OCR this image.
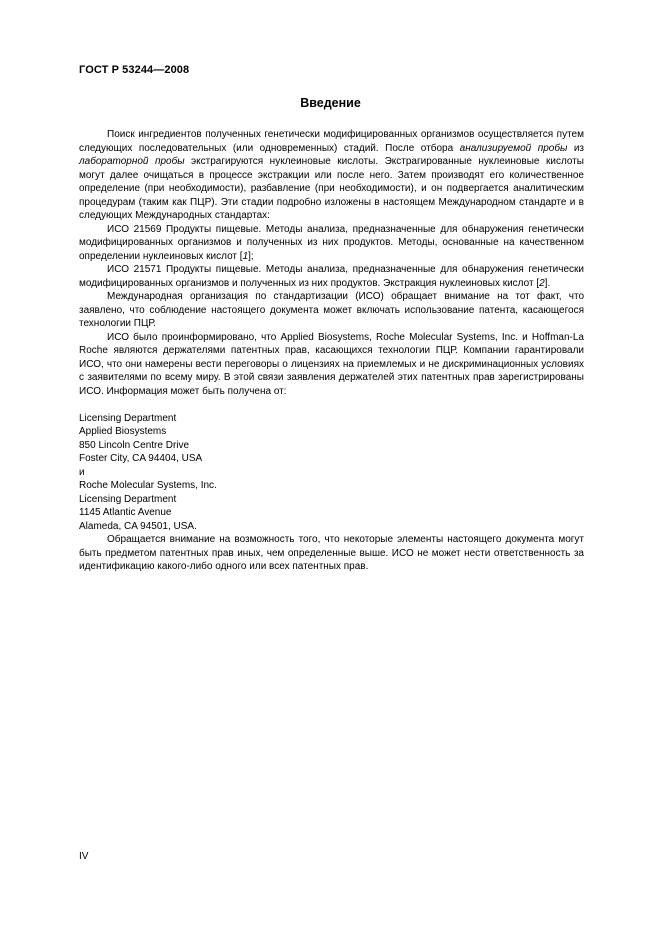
ГОСТ Р 53244—2008
Введение

Поиск ингредиентов полученных генетически модифицированных организмов осуществляется путем следующих последовательных (или одновременных) стадий. После отбора анализируемой пробы из лабораторной пробы экстрагируются нуклеиновые кислоты. Экстрагированные нуклеиновые кислоты могут далее очищаться в процессе экстракции или после него. Затем производят его количественное определение (при необходимости), разбавление (при необходимости), и он подвергается аналитическим процедурам (таким как ПЦР). Эти стадии подробно изложены в настоящем Международном стандарте и в следующих Международных стандартах:

ИСО 21569 Продукты пищевые. Методы анализа, предназначенные для обнаружения генетически модифицированных организмов и полученных из них продуктов. Методы, основанные на качественном определении нуклеиновых кислот [1];

ИСО 21571 Продукты пищевые. Методы анализа, предназначенные для обнаружения генетически модифицированных организмов и полученных из них продуктов. Экстракция нуклеиновых кислот [2].

Международная организация по стандартизации (ИСО) обращает внимание на тот факт, что заявлено, что соблюдение настоящего документа может включать использование патента, касающегося технологии ПЦР.

ИСО было проинформировано, что Applied Biosystems, Roche Molecular Systems, Inc. и Hoffman-La Roche являются держателями патентных прав, касающихся технологии ПЦР. Компании гарантировали ИСО, что они намерены вести переговоры о лицензиях на приемлемых и не дискриминационных условиях с заявителями по всему миру. В этой связи заявления держателей этих патентных прав зарегистрированы ИСО. Информация может быть получена от:

Licensing Department
Applied Biosystems
850 Lincoln Centre Drive
Foster City, CA 94404, USA
и
Roche Molecular Systems, Inc.
Licensing Department
1145 Atlantic Avenue
Alameda, CA 94501, USA.

Обращается внимание на возможность того, что некоторые элементы настоящего документа могут быть предметом патентных прав иных, чем определенные выше. ИСО не может нести ответственность за идентификацию какого-либо одного или всех патентных прав.

IV
